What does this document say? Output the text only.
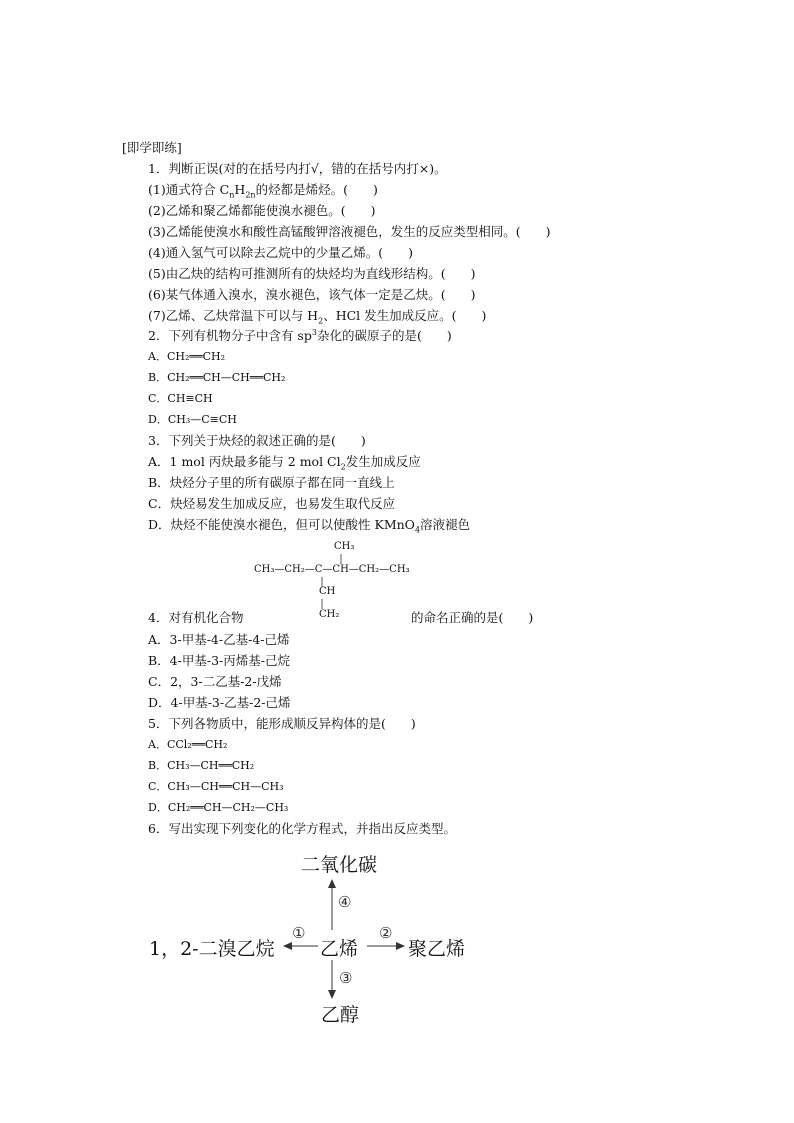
[即学即练]
1．判断正误(对的在括号内打√，错的在括号内打×)。
(1)通式符合 $C_nH_{2n}$的烃都是烯烃。(　　)
(2)乙烯和聚乙烯都能使溴水褪色。(　　)
(3)乙烯能使溴水和酸性高锰酸钾溶液褪色，发生的反应类型相同。(　　)
(4)通入氢气可以除去乙烷中的少量乙烯。(　　)
(5)由乙炔的结构可推测所有的炔烃均为直线形结构。(　　)
(6)某气体通入溴水，溴水褪色，该气体一定是乙炔。(　　)
(7)乙烯、乙炔常温下可以与 $H_2$、HCl 发生加成反应。(　　)
2．下列有机物分子中含有 $sp^3$杂化的碳原子的是(　　)
A．CH₂══CH₂
B．CH₂══CH—CH══CH₂
C．CH≡CH
D．CH₃—C≡CH
3．下列关于炔烃的叙述正确的是(　　)
A．1 mol 丙炔最多能与 2 mol $Cl_2$发生加成反应
B．炔烃分子里的所有碳原子都在同一直线上
C．炔烃易发生加成反应，也易发生取代反应
D．炔烃不能使溴水褪色，但可以使酸性 KMnO$_4$溶液褪色
CH₃
CH₃—CH₂—C—CH—CH₂—CH₃
CH
CH₂
4．对有机化合物	的命名正确的是(　　)
A．3-甲基-4-乙基-4-己烯
B．4-甲基-3-丙烯基-己烷
C．2，3-二乙基-2-戊烯
D．4-甲基-3-乙基-2-己烯
5．下列各物质中，能形成顺反异构体的是(　　)
A．CCl₂══CH₂
B．CH₃—CH══CH₂
C．CH₃—CH══CH—CH₃
D．CH₂══CH—CH₂—CH₃
6．写出实现下列变化的化学方程式，并指出反应类型。
二氧化碳
1，2-二溴乙烷 乙烯	聚乙烯
乙醇
①	②
③
④
